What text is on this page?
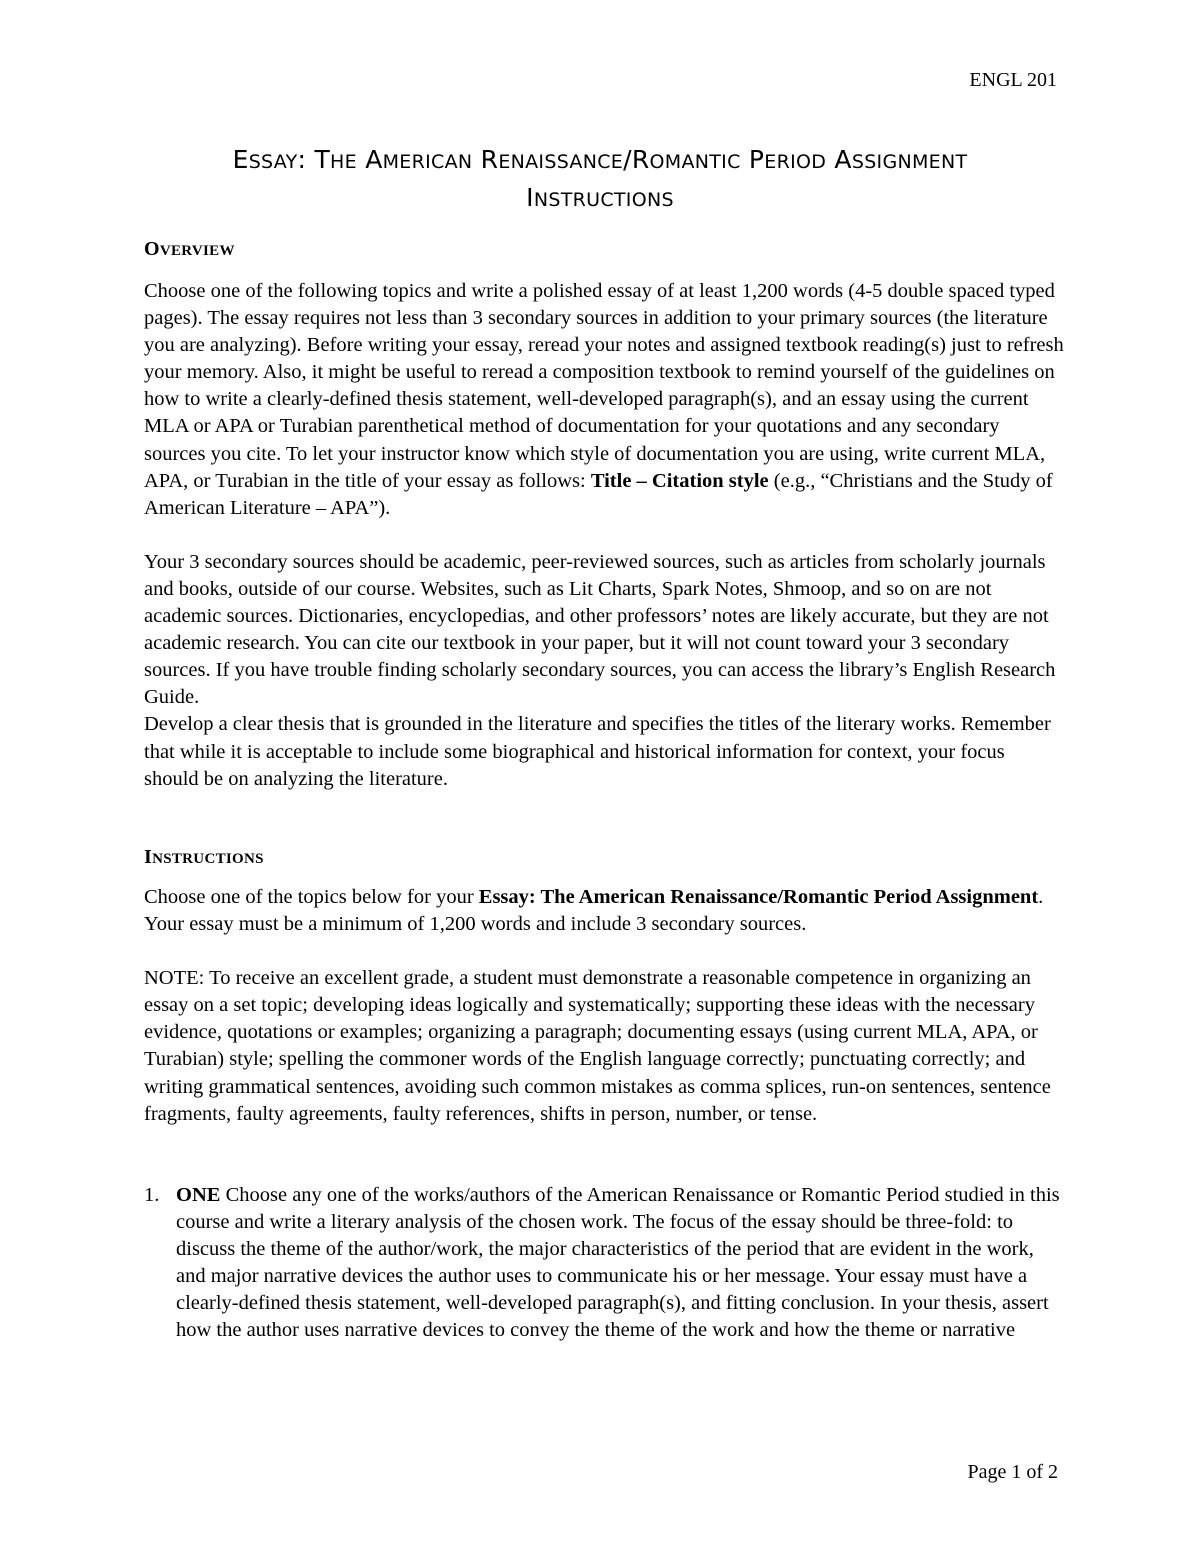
ENGL 201
ESSAY: THE AMERICAN RENAISSANCE/ROMANTIC PERIOD ASSIGNMENT
INSTRUCTIONS
OVERVIEW

Choose one of the following topics and write a polished essay of at least 1,200 words (4-5 double spaced typed pages). The essay requires not less than 3 secondary sources in addition to your primary sources (the literature you are analyzing). Before writing your essay, reread your notes and assigned textbook reading(s) just to refresh your memory. Also, it might be useful to reread a composition textbook to remind yourself of the guidelines on how to write a clearly-defined thesis statement, well-developed paragraph(s), and an essay using the current MLA or APA or Turabian parenthetical method of documentation for your quotations and any secondary sources you cite. To let your instructor know which style of documentation you are using, write current MLA, APA, or Turabian in the title of your essay as follows: Title – Citation style (e.g., “Christians and the Study of American Literature – APA”).

Your 3 secondary sources should be academic, peer-reviewed sources, such as articles from scholarly journals and books, outside of our course. Websites, such as Lit Charts, Spark Notes, Shmoop, and so on are not academic sources. Dictionaries, encyclopedias, and other professors’ notes are likely accurate, but they are not academic research. You can cite our textbook in your paper, but it will not count toward your 3 secondary sources. If you have trouble finding scholarly secondary sources, you can access the library’s English Research Guide.

Develop a clear thesis that is grounded in the literature and specifies the titles of the literary works. Remember that while it is acceptable to include some biographical and historical information for context, your focus should be on analyzing the literature.

INSTRUCTIONS

Choose one of the topics below for your Essay: The American Renaissance/Romantic Period Assignment. Your essay must be a minimum of 1,200 words and include 3 secondary sources.

NOTE: To receive an excellent grade, a student must demonstrate a reasonable competence in organizing an essay on a set topic; developing ideas logically and systematically; supporting these ideas with the necessary evidence, quotations or examples; organizing a paragraph; documenting essays (using current MLA, APA, or Turabian) style; spelling the commoner words of the English language correctly; punctuating correctly; and writing grammatical sentences, avoiding such common mistakes as comma splices, run-on sentences, sentence fragments, faulty agreements, faulty references, shifts in person, number, or tense.

1. ONE Choose any one of the works/authors of the American Renaissance or Romantic Period studied in this course and write a literary analysis of the chosen work. The focus of the essay should be three-fold: to discuss the theme of the author/work, the major characteristics of the period that are evident in the work, and major narrative devices the author uses to communicate his or her message. Your essay must have a clearly-defined thesis statement, well-developed paragraph(s), and fitting conclusion. In your thesis, assert how the author uses narrative devices to convey the theme of the work and how the theme or narrative
Page 1 of 2
